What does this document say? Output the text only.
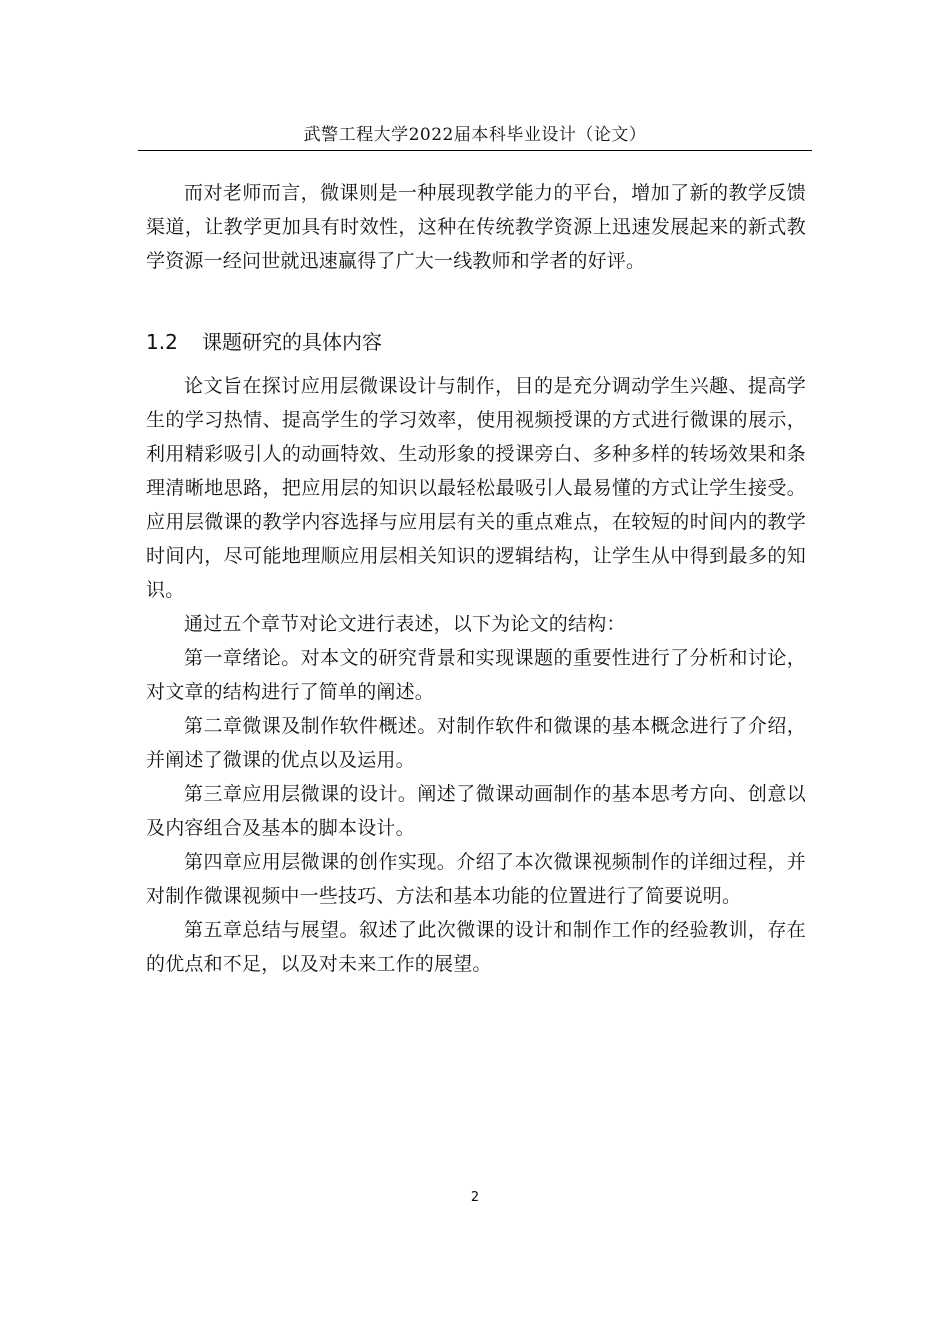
武警工程大学2022届本科毕业设计（论文）

而对老师而言，微课则是一种展现教学能力的平台，增加了新的教学反馈渠道，让教学更加具有时效性，这种在传统教学资源上迅速发展起来的新式教学资源一经问世就迅速赢得了广大一线教师和学者的好评。

1.2 课题研究的具体内容

论文旨在探讨应用层微课设计与制作，目的是充分调动学生兴趣、提高学生的学习热情、提高学生的学习效率，使用视频授课的方式进行微课的展示，利用精彩吸引人的动画特效、生动形象的授课旁白、多种多样的转场效果和条理清晰地思路，把应用层的知识以最轻松最吸引人最易懂的方式让学生接受。应用层微课的教学内容选择与应用层有关的重点难点，在较短的时间内的教学时间内，尽可能地理顺应用层相关知识的逻辑结构，让学生从中得到最多的知识。

通过五个章节对论文进行表述，以下为论文的结构：

第一章绪论。对本文的研究背景和实现课题的重要性进行了分析和讨论，对文章的结构进行了简单的阐述。

第二章微课及制作软件概述。对制作软件和微课的基本概念进行了介绍，并阐述了微课的优点以及运用。

第三章应用层微课的设计。阐述了微课动画制作的基本思考方向、创意以及内容组合及基本的脚本设计。

第四章应用层微课的创作实现。介绍了本次微课视频制作的详细过程，并对制作微课视频中一些技巧、方法和基本功能的位置进行了简要说明。

第五章总结与展望。叙述了此次微课的设计和制作工作的经验教训，存在的优点和不足，以及对未来工作的展望。

2
